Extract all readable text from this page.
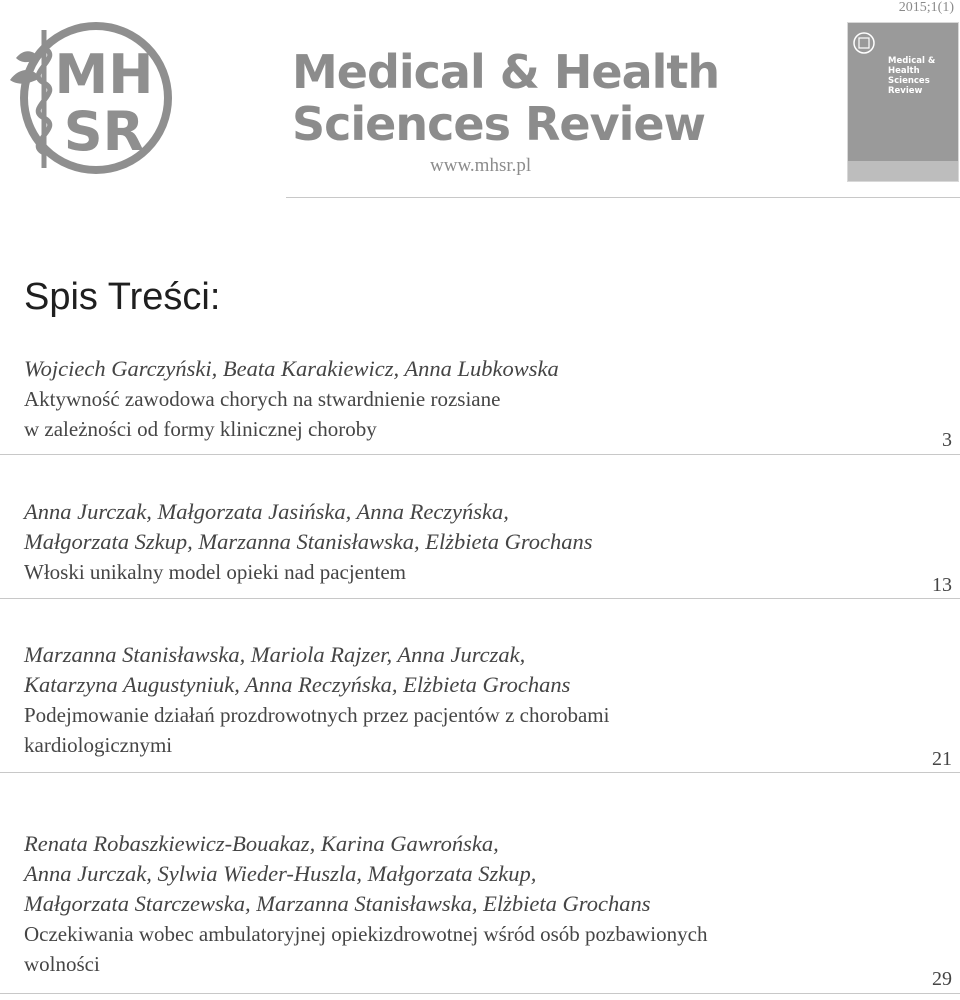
2015;1(1)
MH
SR
Medical & Health
Sciences Review
www.mhsr.pl
Medical & Health
Sciences Review
Spis Treści:
Wojciech Garczyński, Beata Karakiewicz, Anna Lubkowska
Aktywność zawodowa chorych na stwardnienie rozsiane
w zależności od formy klinicznej choroby	3
Anna Jurczak, Małgorzata Jasińska, Anna Reczyńska,
Małgorzata Szkup, Marzanna Stanisławska, Elżbieta Grochans
Włoski unikalny model opieki nad pacjentem
13
Marzanna Stanisławska, Mariola Rajzer, Anna Jurczak,
Katarzyna Augustyniuk, Anna Reczyńska, Elżbieta Grochans
Podejmowanie działań prozdrowotnych przez pacjentów z chorobami
kardiologicznymi
21
Renata Robaszkiewicz-Bouakaz, Karina Gawrońska,
Anna Jurczak, Sylwia Wieder-Huszla, Małgorzata Szkup,
Małgorzata Starczewska, Marzanna Stanisławska, Elżbieta Grochans
Oczekiwania wobec ambulatoryjnej opiekizdrowotnej wśród osób pozbawionych
wolności
29
